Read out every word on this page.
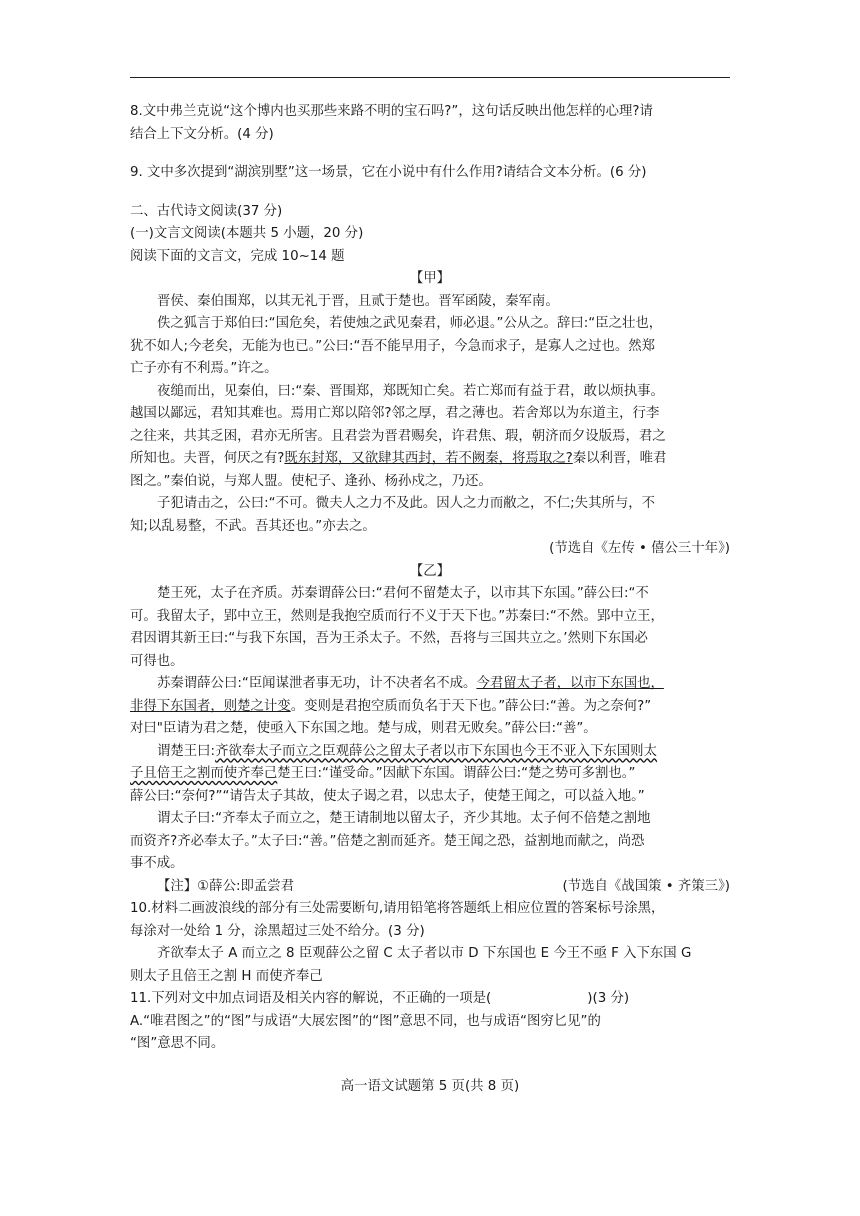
8.文中弗兰克说“这个博内也买那些来路不明的宝石吗?”，这句话反映出他怎样的心理?请

结合上下文分析。(4 分)

9. 文中多次提到“湖滨别墅”这一场景，它在小说中有什么作用?请结合文本分析。(6 分)

二、古代诗文阅读(37 分)

(一)文言文阅读(本题共 5 小题，20 分)

阅读下面的文言文，完成 10~14 题

【甲】

晋侯、秦伯围郑，以其无礼于晋，且贰于楚也。晋军函陵，秦军南。

佚之狐言于郑伯曰:“国危矣，若使烛之武见秦君，师必退。”公从之。辞曰:“臣之壮也，

犹不如人;今老矣，无能为也已。”公曰:“吾不能早用子，今急而求子，是寡人之过也。然郑

亡子亦有不利焉。”许之。

夜缒而出，见秦伯，曰:“秦、晋围郑，郑既知亡矣。若亡郑而有益于君，敢以烦执事。

越国以鄙远，君知其难也。焉用亡郑以陪邻?邻之厚，君之薄也。若舍郑以为东道主，行李

之往来，共其乏困，君亦无所害。且君尝为晋君赐矣，许君焦、瑕，朝济而夕设版焉，君之

所知也。夫晋，何厌之有?既东封郑，又欲肆其西封，若不阙秦，将焉取之?秦以利晋，唯君

图之。”秦伯说，与郑人盟。使杞子、逢孙、杨孙戍之，乃还。

子犯请击之，公曰:“不可。微夫人之力不及此。因人之力而敝之，不仁;失其所与，不

知;以乱易整，不武。吾其还也。”亦去之。

(节选自《左传 • 僖公三十年》)

【乙】

楚王死，太子在齐质。苏秦谓薛公曰:“君何不留楚太子，以市其下东国。”薛公曰:“不

可。我留太子，郢中立王，然则是我抱空质而行不义于天下也。”苏秦曰:“不然。郢中立王，

君因谓其新王曰:“与我下东国，吾为王杀太子。不然，吾将与三国共立之。’然则下东国必

可得也。

苏秦谓薛公曰:“臣闻谋泄者事无功，计不决者名不成。今君留太子者，以市下东国也，

非得下东国者，则楚之计变。变则是君抱空质而负名于天下也。”薛公曰:“善。为之奈何?”

对曰"臣请为君之楚，使亟入下东国之地。楚与成，则君无败矣。”薛公曰:“善”。

谓楚王曰:齐欲奉太子而立之臣观薛公之留太子者以市下东国也今王不亚入下东国则太

子且倍王之割而使齐奉己楚王曰:“谨受命。”因献下东国。谓薛公曰:“楚之势可多割也。”

薛公曰:“奈何?”“请告太子其故，使太子谒之君，以忠太子，使楚王闻之，可以益入地。”

谓太子曰:“齐奉太子而立之，楚王请制地以留太子，齐少其地。太子何不倍楚之割地

而资齐?齐必奉太子。”太子曰:“善。”倍楚之割而延齐。楚王闻之恐，益割地而献之，尚恐

事不成。

【注】①薛公:即孟尝君	(节选自《战国策 • 齐策三》)

10.材料二画波浪线的部分有三处需要断句,请用铅笔将答题纸上相应位置的答案标号涂黑，

每涂对一处给 1 分，涂黑超过三处不给分。(3 分)

齐欲奉太子 A 而立之 8 臣观薛公之留 C 太子者以市 D 下东国也 E 今王不亟 F 入下东国 G

则太子且倍王之割 H 而使齐奉己

11.下列对文中加点词语及相关内容的解说，不正确的一项是(	)(3 分)

A.“唯君图之”的“图”与成语“大展宏图”的“图”意思不同，也与成语“图穷匕见”的

“图”意思不同。

高一语文试题第 5 页(共 8 页)
